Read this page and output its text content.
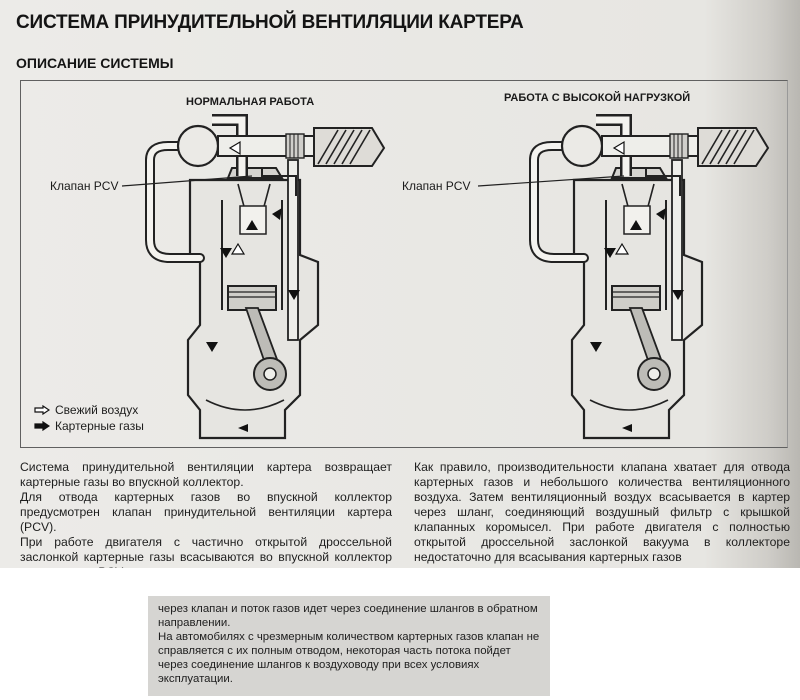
СИСТЕМА ПРИНУДИТЕЛЬНОЙ ВЕНТИЛЯЦИИ КАРТЕРА
ОПИСАНИЕ СИСТЕМЫ
НОРМАЛЬНАЯ РАБОТА	РАБОТА С ВЫСОКОЙ НАГРУЗКОЙ
Клапан PCV	Клапан PCV
Свежий воздух
Картерные газы

Система принудительной вентиляции картера возвращает картерные газы во впускной коллектор.

Для отвода картерных газов во впускной коллектор предусмотрен клапан принудительной вентиляции картера (PCV).

При работе двигателя с частично открытой дроссельной заслонкой картерные газы всасываются во впускной коллектор

Как правило, производительности клапана хватает для отвода картерных газов и небольшого количества вентиляционного воздуха. Затем вентиляционный воздух всасывается в картер через шланг, соединяющий воздушный фильтр с крышкой клапанных коромысел. При работе двигателя с полностью открытой дроссельной заслонкой вакуума в коллекторе недостаточно для всасывания картерных газов

через клапан и поток газов идет через соединение шлангов в обратном направлении.

На автомобилях с чрезмерным количеством картерных газов клапан не справляется с их полным отводом, некоторая часть потока пойдет через соединение шлангов к воздуховоду при всех условиях эксплуатации.
